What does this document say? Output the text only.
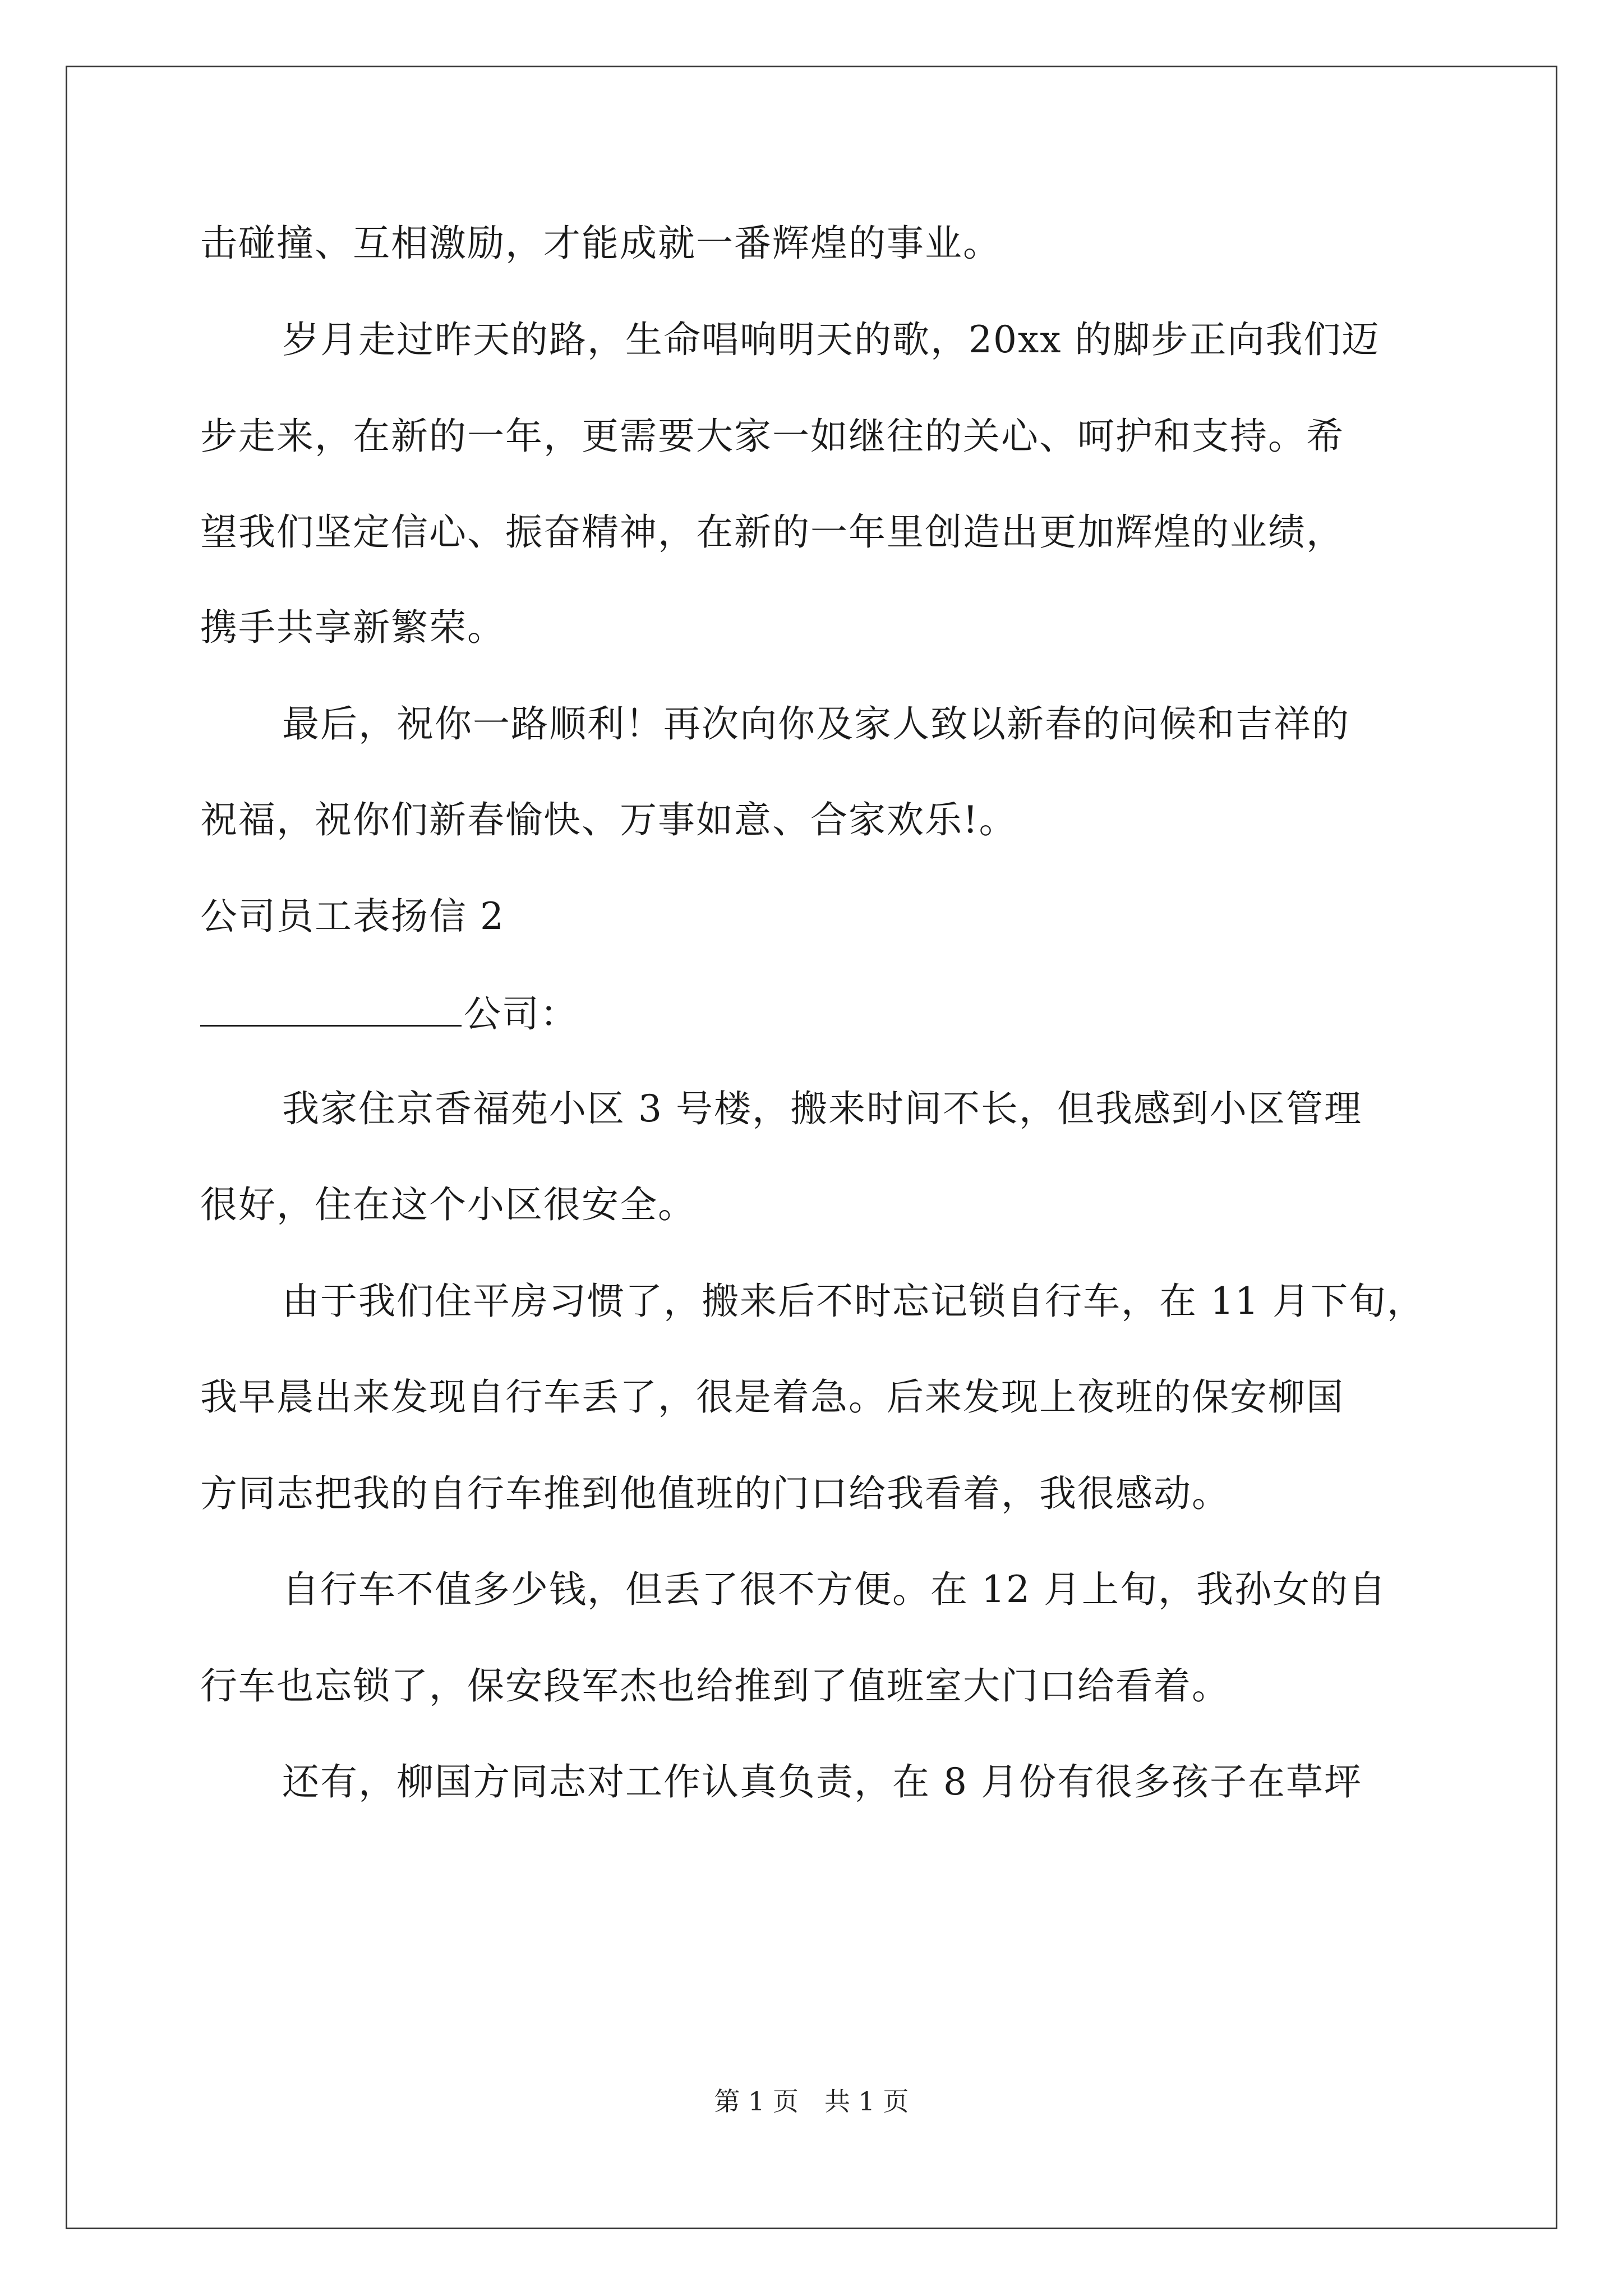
击碰撞、互相激励，才能成就一番辉煌的事业。
岁月走过昨天的路，生命唱响明天的歌，20xx 的脚步正向我们迈
步走来，在新的一年，更需要大家一如继往的关心、呵护和支持。希
望我们坚定信心、振奋精神，在新的一年里创造出更加辉煌的业绩，
携手共享新繁荣。
最后，祝你一路顺利！再次向你及家人致以新春的问候和吉祥的
祝福，祝你们新春愉快、万事如意、合家欢乐!。
公司员工表扬信 2
公司：
我家住京香福苑小区 3 号楼，搬来时间不长，但我感到小区管理
很好，住在这个小区很安全。
由于我们住平房习惯了，搬来后不时忘记锁自行车，在 11 月下旬，
我早晨出来发现自行车丢了，很是着急。后来发现上夜班的保安柳国
方同志把我的自行车推到他值班的门口给我看着，我很感动。
自行车不值多少钱，但丢了很不方便。在 12 月上旬，我孙女的自
行车也忘锁了，保安段军杰也给推到了值班室大门口给看着。
还有，柳国方同志对工作认真负责，在 8 月份有很多孩子在草坪
第 1 页　共 1 页
